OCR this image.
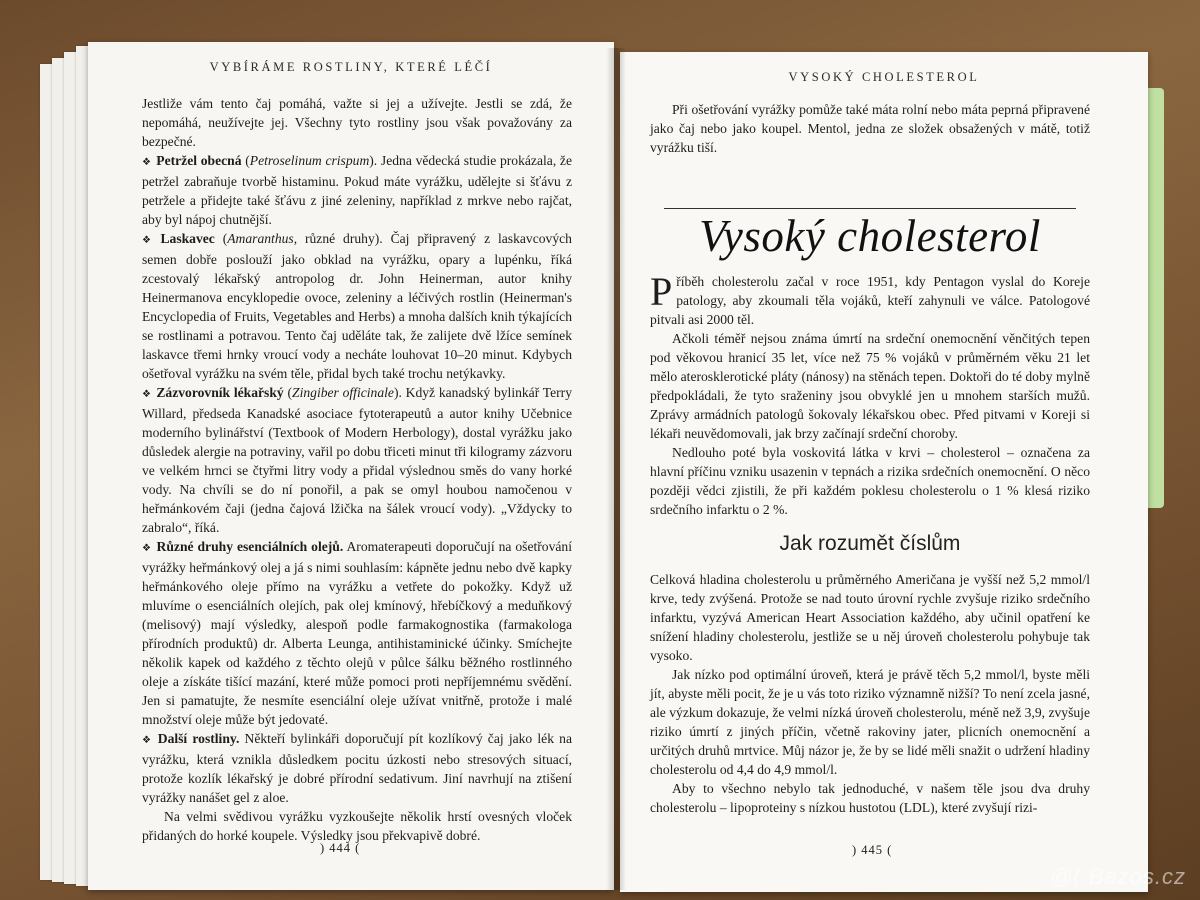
VYBÍRÁME ROSTLINY, KTERÉ LÉČÍ

Jestliže vám tento čaj pomáhá, važte si jej a užívejte. Jestli se zdá, že nepomáhá, neužívejte jej. Všechny tyto rostliny jsou však považovány za bezpečné.

❖ Petržel obecná (Petroselinum crispum). Jedna vědecká studie prokázala, že petržel zabraňuje tvorbě histaminu. Pokud máte vyrážku, udělejte si šťávu z petržele a přidejte také šťávu z jiné zeleniny, například z mrkve nebo rajčat, aby byl nápoj chutnější.

❖ Laskavec (Amaranthus, různé druhy). Čaj připravený z laskavcových semen dobře poslouží jako obklad na vyrážku, opary a lupénku, říká zcestovalý lékařský antropolog dr. John Heinerman, autor knihy Heinermanova encyklopedie ovoce, zeleniny a léčivých rostlin (Heinerman's Encyclopedia of Fruits, Vegetables and Herbs) a mnoha dalších knih týkajících se rostlinami a potravou. Tento čaj uděláte tak, že zalijete dvě lžíce semínek laskavce třemi hrnky vroucí vody a necháte louhovat 10–20 minut. Kdybych ošetřoval vyrážku na svém těle, přidal bych také trochu netýkavky.

❖ Zázvorovník lékařský (Zingiber officinale). Když kanadský bylinkář Terry Willard, předseda Kanadské asociace fytoterapeutů a autor knihy Učebnice moderního bylinářství (Textbook of Modern Herbology), dostal vyrážku jako důsledek alergie na potraviny, vařil po dobu třiceti minut tři kilogramy zázvoru ve velkém hrnci se čtyřmi litry vody a přidal výslednou směs do vany horké vody. Na chvíli se do ní ponořil, a pak se omyl houbou namočenou v heřmánkovém čaji (jedna čajová lžička na šálek vroucí vody). „Vždycky to zabralo“, říká.

❖ Různé druhy esenciálních olejů. Aromaterapeuti doporučují na ošetřování vyrážky heřmánkový olej a já s nimi souhlasím: kápněte jednu nebo dvě kapky heřmánkového oleje přímo na vyrážku a vetřete do pokožky. Když už mluvíme o esenciálních olejích, pak olej kmínový, hřebíčkový a meduňkový (melisový) mají výsledky, alespoň podle farmakognostika (farmakologa přírodních produktů) dr. Alberta Leunga, antihistaminické účinky. Smíchejte několik kapek od každého z těchto olejů v půlce šálku běžného rostlinného oleje a získáte tišící mazání, které může pomoci proti nepříjemnému svědění. Jen si pamatujte, že nesmíte esenciální oleje užívat vnitřně, protože i malé množství oleje může být jedovaté.

❖ Další rostliny. Někteří bylinkáři doporučují pít kozlíkový čaj jako lék na vyrážku, která vznikla důsledkem pocitu úzkosti nebo stresových situací, protože kozlík lékařský je dobré přírodní sedativum. Jiní navrhují na ztišení vyrážky nanášet gel z aloe.

Na velmi svědivou vyrážku vyzkoušejte několik hrstí ovesných vloček přidaných do horké koupele. Výsledky jsou překvapivě dobré.

) 444 (
VYSOKÝ CHOLESTEROL

Při ošetřování vyrážky pomůže také máta rolní nebo máta peprná připravené jako čaj nebo jako koupel. Mentol, jedna ze složek obsažených v mátě, totiž vyrážku tiší.

Vysoký cholesterol

Příběh cholesterolu začal v roce 1951, kdy Pentagon vyslal do Koreje patology, aby zkoumali těla vojáků, kteří zahynuli ve válce. Patologové pitvali asi 2000 těl.

Ačkoli téměř nejsou známa úmrtí na srdeční onemocnění věnčitých tepen pod věkovou hranicí 35 let, více než 75 % vojáků v průměrném věku 21 let mělo aterosklerotické pláty (nánosy) na stěnách tepen. Doktoři do té doby mylně předpokládali, že tyto sraženiny jsou obvyklé jen u mnohem starších mužů. Zprávy armádních patologů šokovaly lékařskou obec. Před pitvami v Koreji si lékaři neuvědomovali, jak brzy začínají srdeční choroby.

Nedlouho poté byla voskovitá látka v krvi – cholesterol – označena za hlavní příčinu vzniku usazenin v tepnách a rizika srdečních onemocnění. O něco později vědci zjistili, že při každém poklesu cholesterolu o 1 % klesá riziko srdečního infarktu o 2 %.

Jak rozumět číslům

Celková hladina cholesterolu u průměrného Američana je vyšší než 5,2 mmol/l krve, tedy zvýšená. Protože se nad touto úrovní rychle zvyšuje riziko srdečního infarktu, vyzývá American Heart Association každého, aby učinil opatření ke snížení hladiny cholesterolu, jestliže se u něj úroveň cholesterolu pohybuje tak vysoko.

Jak nízko pod optimální úroveň, která je právě těch 5,2 mmol/l, byste měli jít, abyste měli pocit, že je u vás toto riziko významně nižší? To není zcela jasné, ale výzkum dokazuje, že velmi nízká úroveň cholesterolu, méně než 3,9, zvyšuje riziko úmrtí z jiných příčin, včetně rakoviny jater, plicních onemocnění a určitých druhů mrtvice. Můj názor je, že by se lidé měli snažit o udržení hladiny cholesterolu od 4,4 do 4,9 mmol/l.

Aby to všechno nebylo tak jednoduché, v našem těle jsou dva druhy cholesterolu – lipoproteiny s nízkou hustotou (LDL), které zvyšují rizi-

) 445 (
@( Bazos.cz
